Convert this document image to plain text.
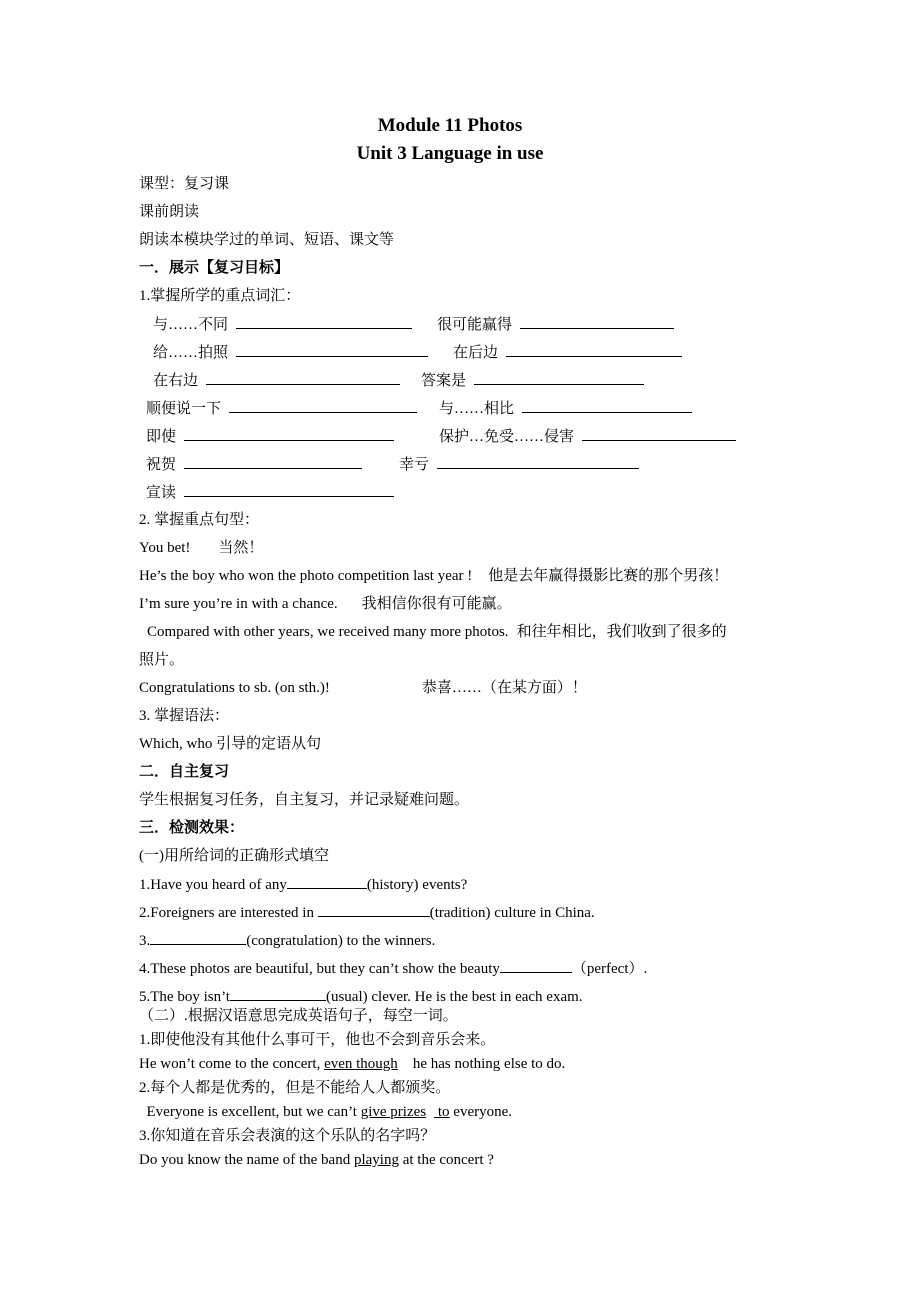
Module 11 Photos
Unit 3 Language in use
课型：复习课
课前朗读
朗读本模块学过的单词、短语、课文等
一．展示【复习目标】
1.掌握所学的重点词汇：
与……不同	很可能赢得
给……拍照	在后边
在右边	答案是
顺便说一下	与……相比
即使	保护…免受……侵害
祝贺	幸亏
宣读
2. 掌握重点句型：
You bet! 当然！
He’s the boy who won the photo competition last year ! 他是去年赢得摄影比赛的那个男孩！
I’m sure you’re in with a chance. 我相信你很有可能赢。
Compared with other years, we received many more photos. 和往年相比，我们收到了很多的
照片。
Congratulations to sb. (on sth.)!	恭喜……（在某方面）！
3. 掌握语法：
Which, who 引导的定语从句
二．自主复习
学生根据复习任务，自主复习，并记录疑难问题。
三．检测效果：
(一)用所给词的正确形式填空
1.Have you heard of any	(history) events?
2.Foreigners are interested in	(tradition) culture in China.
3.	(congratulation) to the winners.
4.These photos are beautiful, but they can’t show the beauty	（perfect）.
5.The boy isn’t	(usual) clever. He is the best in each exam.
（二）.根据汉语意思完成英语句子，每空一词。
1.即使他没有其他什么事可干，他也不会到音乐会来。
He won’t come to the concert, even though    he has nothing else to do.
2.每个人都是优秀的，但是不能给人人都颁奖。
Everyone is excellent, but we can’t give prizes to everyone.
3.你知道在音乐会表演的这个乐队的名字吗？
Do you know the name of the band playing at the concert ?
